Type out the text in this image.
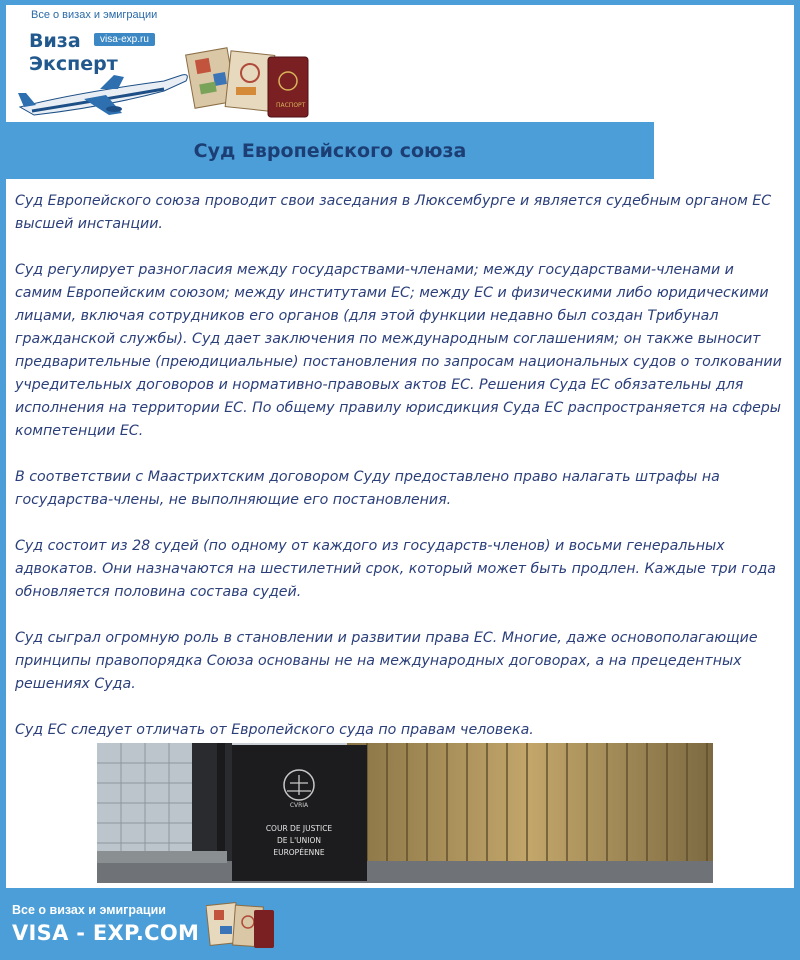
Все о визах и эмиграции
ПАСПОРТ
Виза
Эксперт
visa-exp.ru
Суд Европейского союза

Суд Европейского союза проводит свои заседания в Люксембурге и является судебным органом ЕС высшей инстанции.

Суд регулирует разногласия между государствами-членами; между государствами-членами и самим Европейским союзом; между институтами ЕС; между ЕС и физическими либо юридическими лицами, включая сотрудников его органов (для этой функции недавно был создан Трибунал гражданской службы). Суд дает заключения по международным соглашениям; он также выносит предварительные (преюдициальные) постановления по запросам национальных судов о толковании учредительных договоров и нормативно-правовых актов ЕС. Решения Суда ЕС обязательны для исполнения на территории ЕС. По общему правилу юрисдикция Суда ЕС распространяется на сферы компетенции ЕС.

В соответствии с Маастрихтским договором Суду предоставлено право налагать штрафы на государства-члены, не выполняющие его постановления.

Суд состоит из 28 судей (по одному от каждого из государств-членов) и восьми генеральных адвокатов. Они назначаются на шестилетний срок, который может быть продлен. Каждые три года обновляется половина состава судей.

Суд сыграл огромную роль в становлении и развитии права ЕС. Многие, даже основополагающие принципы правопорядка Союза основаны не на международных договорах, а на прецедентных решениях Суда.

Суд ЕС следует отличать от Европейского суда по правам человека.

CVRIA
COUR DE JUSTICE
DE L'UNION
EUROPÉENNE
Все о визах и эмиграции
VISA - EXP.COM
